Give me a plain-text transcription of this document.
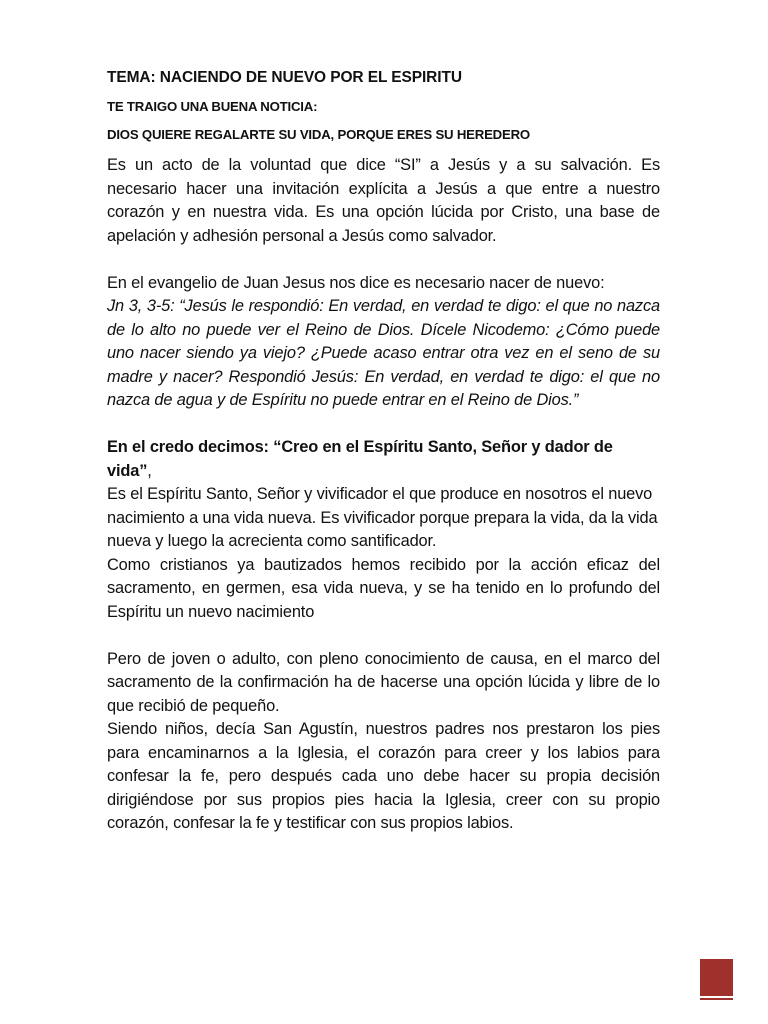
TEMA: NACIENDO DE NUEVO POR EL ESPIRITU
TE TRAIGO UNA BUENA NOTICIA:
DIOS QUIERE REGALARTE SU VIDA, PORQUE ERES SU HEREDERO

Es un acto de la voluntad que dice “SI” a Jesús y a su salvación. Es necesario hacer una invitación explícita a Jesús a que entre a nuestro corazón y en nuestra vida. Es una opción lúcida por Cristo, una base de apelación y adhesión personal a Jesús como salvador.

En el evangelio de Juan Jesus nos dice es necesario nacer de nuevo:

Jn 3, 3-5: “Jesús le respondió: En verdad, en verdad te digo: el que no nazca de lo alto no puede ver el Reino de Dios. Dícele Nicodemo: ¿Cómo puede uno nacer siendo ya viejo? ¿Puede acaso entrar otra vez en el seno de su madre y nacer? Respondió Jesús: En verdad, en verdad te digo: el que no nazca de agua y de Espíritu no puede entrar en el Reino de Dios.”

En el credo decimos: “Creo en el Espíritu Santo, Señor y dador de vida”,

Es el Espíritu Santo, Señor y vivificador el que produce en nosotros el nuevo nacimiento a una vida nueva. Es vivificador porque prepara la vida, da la vida nueva y luego la acrecienta como santificador.

Como cristianos ya bautizados hemos recibido por la acción eficaz del sacramento, en germen, esa vida nueva, y se ha tenido en lo profundo del Espíritu un nuevo nacimiento

Pero de joven o adulto, con pleno conocimiento de causa, en el marco del sacramento de la confirmación ha de hacerse una opción lúcida y libre de lo que recibió de pequeño.

Siendo niños, decía San Agustín, nuestros padres nos prestaron los pies para encaminarnos a la Iglesia, el corazón para creer y los labios para confesar la fe, pero después cada uno debe hacer su propia decisión dirigiéndose por sus propios pies hacia la Iglesia, creer con su propio corazón, confesar la fe y testificar con sus propios labios.
